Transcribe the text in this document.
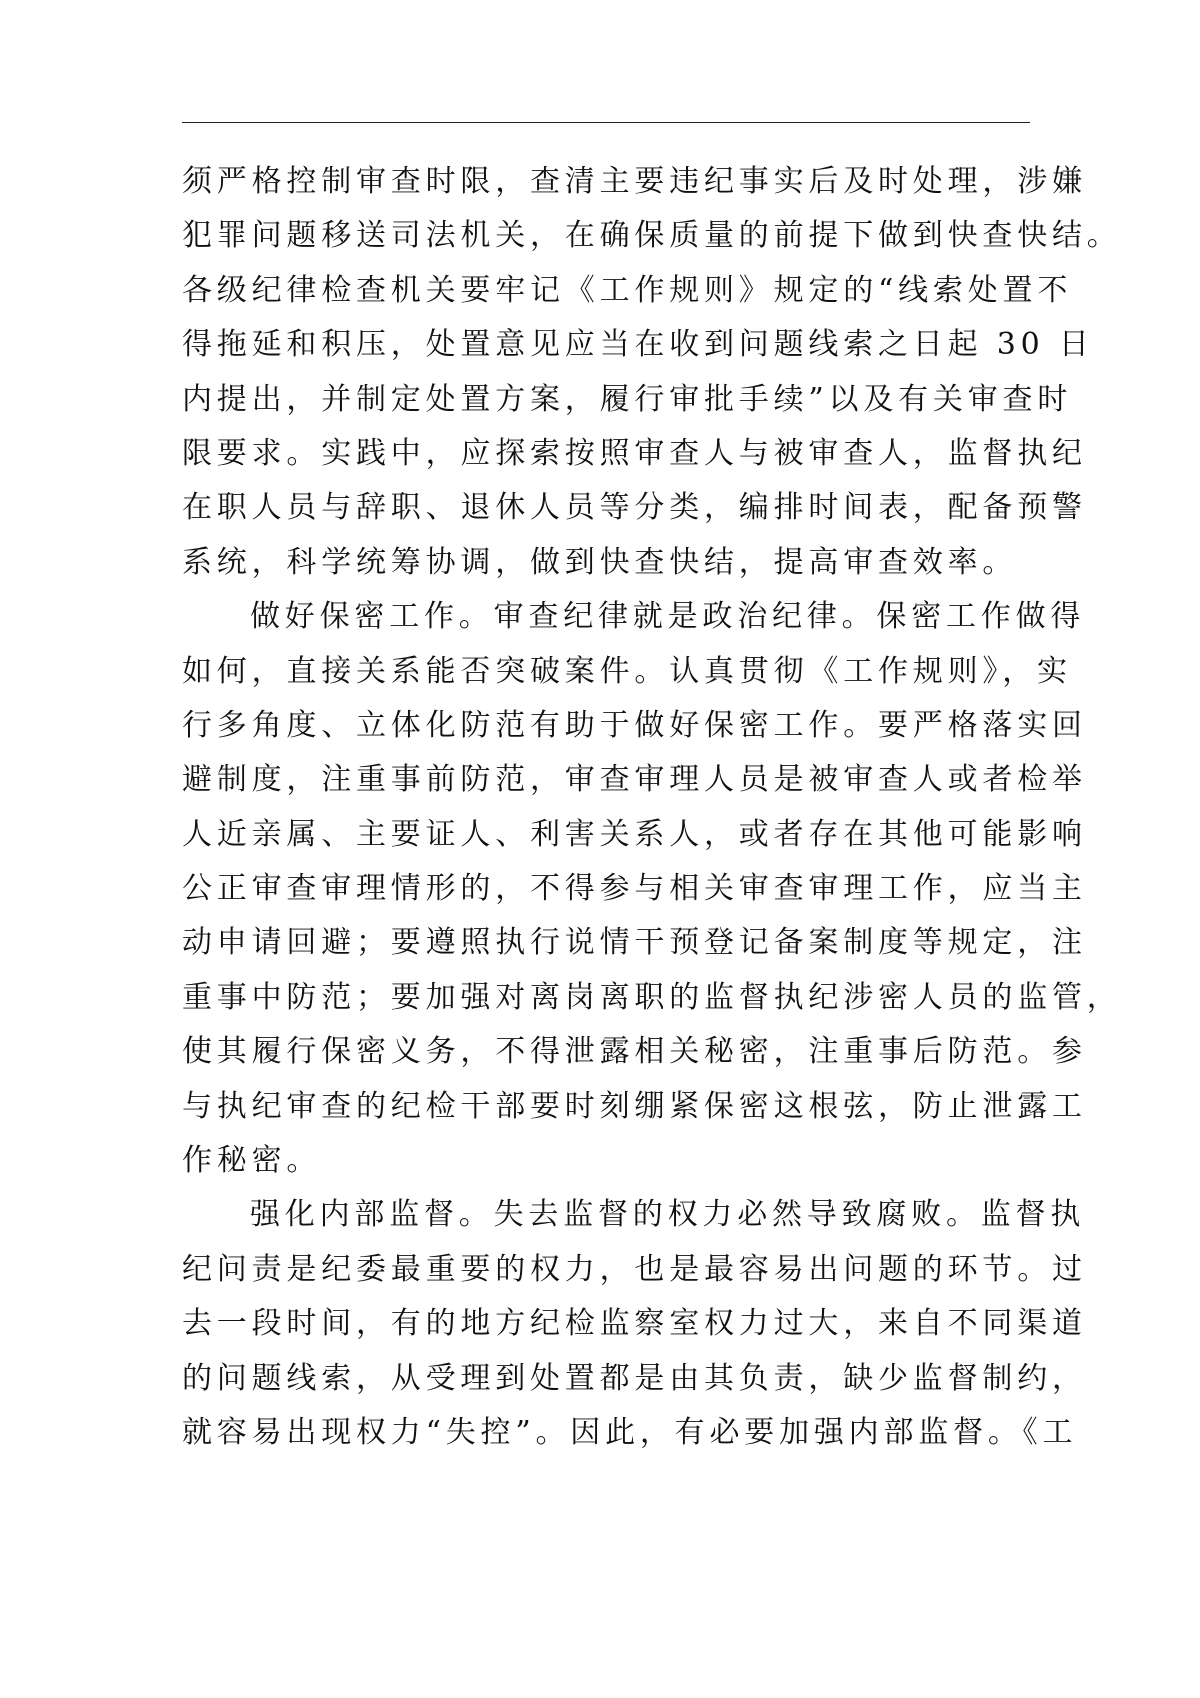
须严格控制审查时限，查清主要违纪事实后及时处理，涉嫌
犯罪问题移送司法机关，在确保质量的前提下做到快查快结。
各级纪律检查机关要牢记《工作规则》规定的“线索处置不
得拖延和积压，处置意见应当在收到问题线索之日起 30 日
内提出，并制定处置方案，履行审批手续”以及有关审查时
限要求。实践中，应探索按照审查人与被审查人，监督执纪
在职人员与辞职、退休人员等分类，编排时间表，配备预警
系统，科学统筹协调，做到快查快结，提高审查效率。
做好保密工作。审查纪律就是政治纪律。保密工作做得
如何，直接关系能否突破案件。认真贯彻《工作规则》，实
行多角度、立体化防范有助于做好保密工作。要严格落实回
避制度，注重事前防范，审查审理人员是被审查人或者检举
人近亲属、主要证人、利害关系人，或者存在其他可能影响
公正审查审理情形的，不得参与相关审查审理工作，应当主
动申请回避；要遵照执行说情干预登记备案制度等规定，注
重事中防范；要加强对离岗离职的监督执纪涉密人员的监管，
使其履行保密义务，不得泄露相关秘密，注重事后防范。参
与执纪审查的纪检干部要时刻绷紧保密这根弦，防止泄露工
作秘密。
强化内部监督。失去监督的权力必然导致腐败。监督执
纪问责是纪委最重要的权力，也是最容易出问题的环节。过
去一段时间，有的地方纪检监察室权力过大，来自不同渠道
的问题线索，从受理到处置都是由其负责，缺少监督制约，
就容易出现权力“失控”。因此，有必要加强内部监督。《工
